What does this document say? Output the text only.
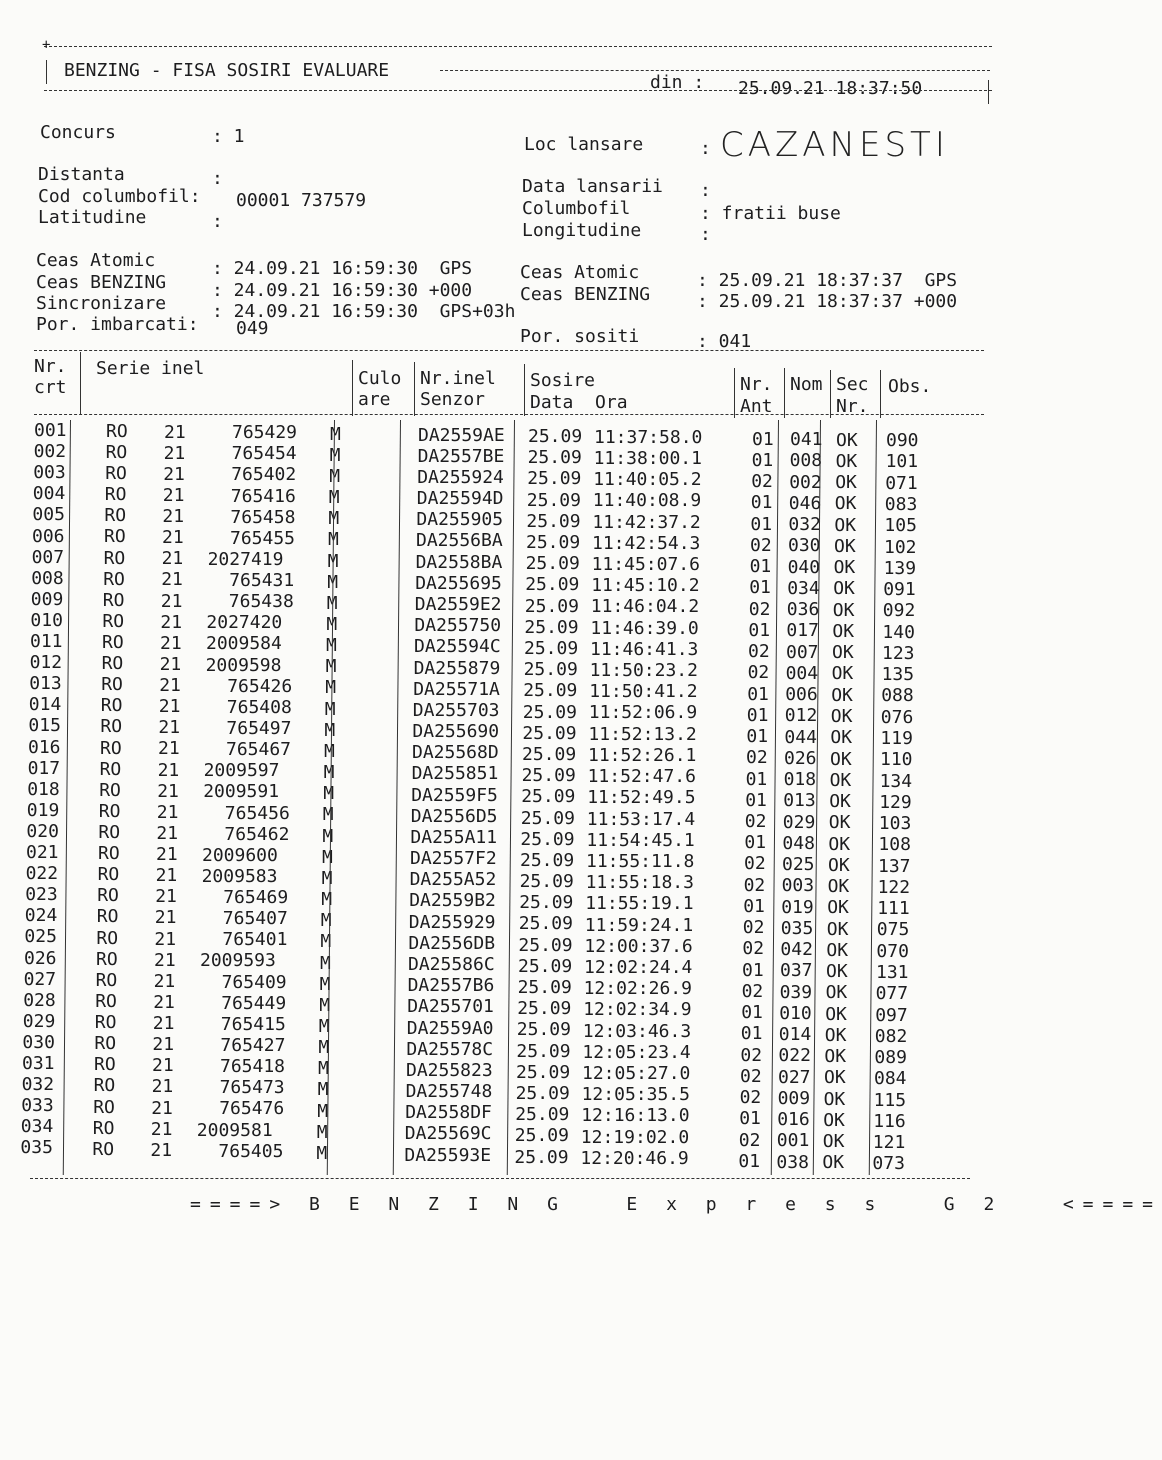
+
BENZING - FISA SOSIRI EVALUARE
din : 25.09.21 18:37:50
Concurs	: 1	Loc lansare	: CAZANESTI
Distanta	:
Cod columbofil: 00001 737579
Latitudine	:
Data lansarii :
Columbofil	: fratii buse
Longitudine	:
Ceas Atomic	: 24.09.21 16:59:30  GPS
Ceas BENZING	: 24.09.21 16:59:30 +000
Sincronizare	: 24.09.21 16:59:30  GPS+03h
Por. imbarcati: 049
Ceas Atomic	: 25.09.21 18:37:37  GPS
Ceas BENZING	: 25.09.21 18:37:37 +000
Por. sositi	: 041
Nr.
crt
Serie inel	Culo
are
Nr.inel
Senzor
Sosire
Data  Ora
Nr.
Ant
Nom Sec
Nr.
Obs.
001 RO 21	765429 M	DA2559AE 25.09 11:37:58.0	01 041 OK 090
002 RO 21	765454 M	DA2557BE 25.09 11:38:00.1	01 008 OK 101
003 RO 21	765402 M	DA255924 25.09 11:40:05.2	02 002 OK 071
004 RO 21	765416 M	DA25594D 25.09 11:40:08.9	01 046 OK 083
005 RO 21	765458 M	DA255905 25.09 11:42:37.2	01 032 OK 105
006 RO 21	765455 M	DA2556BA 25.09 11:42:54.3	02 030 OK 102
007 RO 21 2027419 M	DA2558BA 25.09 11:45:07.6	01 040 OK 139
008 RO 21	765431 M	DA255695 25.09 11:45:10.2	01 034 OK 091
009 RO 21	765438 M	DA2559E2 25.09 11:46:04.2	02 036 OK 092
010 RO 21 2027420 M	DA255750 25.09 11:46:39.0	01 017 OK 140
011 RO 21 2009584 M	DA25594C 25.09 11:46:41.3	02 007 OK 123
012 RO 21 2009598 M	DA255879 25.09 11:50:23.2	02 004 OK 135
013 RO 21	765426 M	DA25571A 25.09 11:50:41.2	01 006 OK 088
014 RO 21	765408 M	DA255703 25.09 11:52:06.9	01 012 OK 076
015 RO 21	765497 M	DA255690 25.09 11:52:13.2	01 044 OK 119
016 RO 21	765467 M	DA25568D 25.09 11:52:26.1	02 026 OK 110
017 RO 21 2009597 M	DA255851 25.09 11:52:47.6	01 018 OK 134
018 RO 21 2009591 M	DA2559F5 25.09 11:52:49.5	01 013 OK 129
019 RO 21	765456 M	DA2556D5 25.09 11:53:17.4	02 029 OK 103
020 RO 21	765462 M	DA255A11 25.09 11:54:45.1	01 048 OK 108
021 RO 21 2009600 M	DA2557F2 25.09 11:55:11.8	02 025 OK 137
022 RO 21 2009583 M	DA255A52 25.09 11:55:18.3	02 003 OK 122
023 RO 21	765469 M	DA2559B2 25.09 11:55:19.1	01 019 OK 111
024 RO 21	765407 M	DA255929 25.09 11:59:24.1	02 035 OK 075
025 RO 21	765401 M	DA2556DB 25.09 12:00:37.6	02 042 OK 070
026 RO 21 2009593 M	DA25586C 25.09 12:02:24.4	01 037 OK 131
027 RO 21	765409 M	DA2557B6 25.09 12:02:26.9	02 039 OK 077
028 RO 21	765449 M	DA255701 25.09 12:02:34.9	01 010 OK 097
029 RO 21	765415 M	DA2559A0 25.09 12:03:46.3	01 014 OK 082
030 RO 21	765427 M	DA25578C 25.09 12:05:23.4	02 022 OK 089
031 RO 21	765418 M	DA255823 25.09 12:05:27.0	02 027 OK 084
032 RO 21	765473 M	DA255748 25.09 12:05:35.5	02 009 OK 115
033 RO 21	765476 M	DA2558DF 25.09 12:16:13.0	01 016 OK 116
034 RO 21 2009581 M	DA25569C 25.09 12:19:02.0	02 001 OK 121
035 RO 21	765405 M	DA25593E 25.09 12:20:46.9	01 038 OK 073
====> B E N Z I N G   E x p r e s s   G 2   <====
